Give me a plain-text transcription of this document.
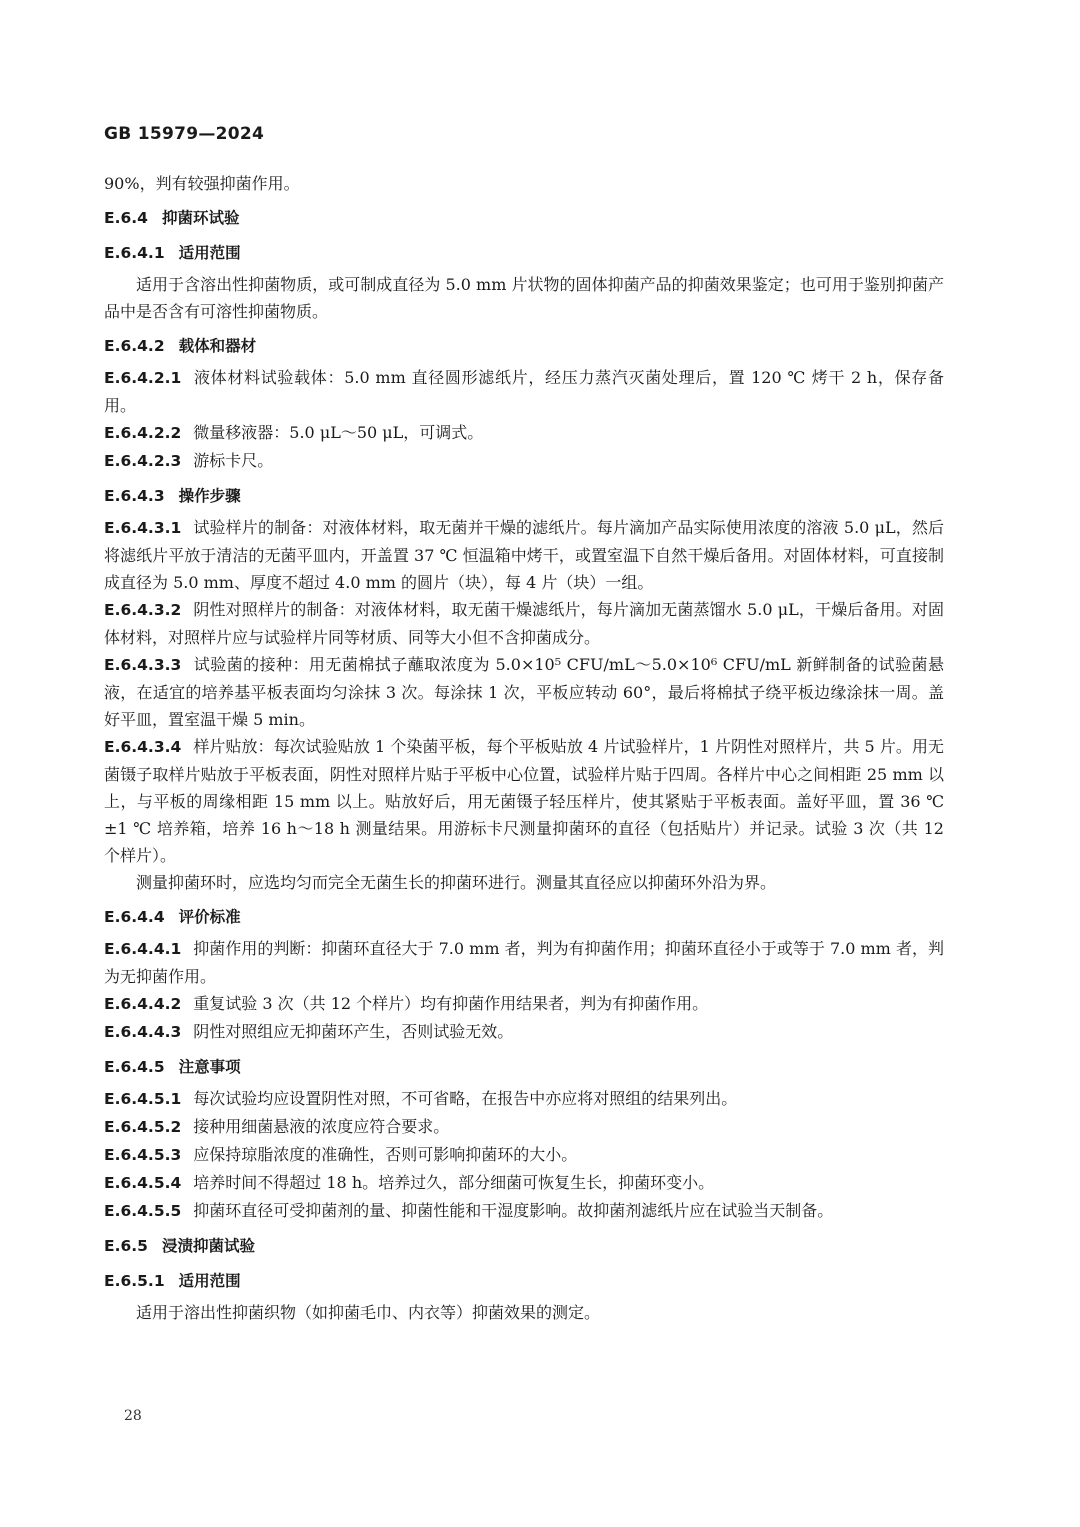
GB 15979—2024

90%，判有较强抑菌作用。

E.6.4 抑菌环试验
E.6.4.1 适用范围

适用于含溶出性抑菌物质，或可制成直径为 5.0 mm 片状物的固体抑菌产品的抑菌效果鉴定；也可用于鉴别抑菌产品中是否含有可溶性抑菌物质。

E.6.4.2 载体和器材

E.6.4.2.1 液体材料试验载体：5.0 mm 直径圆形滤纸片，经压力蒸汽灭菌处理后，置 120 ℃ 烤干 2 h，保存备用。

E.6.4.2.2 微量移液器：5.0 μL～50 μL，可调式。

E.6.4.2.3 游标卡尺。

E.6.4.3 操作步骤

E.6.4.3.1 试验样片的制备：对液体材料，取无菌并干燥的滤纸片。每片滴加产品实际使用浓度的溶液 5.0 μL，然后将滤纸片平放于清洁的无菌平皿内，开盖置 37 ℃ 恒温箱中烤干，或置室温下自然干燥后备用。对固体材料，可直接制成直径为 5.0 mm、厚度不超过 4.0 mm 的圆片（块），每 4 片（块）一组。

E.6.4.3.2 阴性对照样片的制备：对液体材料，取无菌干燥滤纸片，每片滴加无菌蒸馏水 5.0 μL，干燥后备用。对固体材料，对照样片应与试验样片同等材质、同等大小但不含抑菌成分。

E.6.4.3.3 试验菌的接种：用无菌棉拭子蘸取浓度为 5.0×10⁵ CFU/mL～5.0×10⁶ CFU/mL 新鲜制备的试验菌悬液，在适宜的培养基平板表面均匀涂抹 3 次。每涂抹 1 次，平板应转动 60°，最后将棉拭子绕平板边缘涂抹一周。盖好平皿，置室温干燥 5 min。

E.6.4.3.4 样片贴放：每次试验贴放 1 个染菌平板，每个平板贴放 4 片试验样片，1 片阴性对照样片，共 5 片。用无菌镊子取样片贴放于平板表面，阴性对照样片贴于平板中心位置，试验样片贴于四周。各样片中心之间相距 25 mm 以上，与平板的周缘相距 15 mm 以上。贴放好后，用无菌镊子轻压样片，使其紧贴于平板表面。盖好平皿，置 36 ℃±1 ℃ 培养箱，培养 16 h～18 h 测量结果。用游标卡尺测量抑菌环的直径（包括贴片）并记录。试验 3 次（共 12 个样片）。

测量抑菌环时，应选均匀而完全无菌生长的抑菌环进行。测量其直径应以抑菌环外沿为界。

E.6.4.4 评价标准

E.6.4.4.1 抑菌作用的判断：抑菌环直径大于 7.0 mm 者，判为有抑菌作用；抑菌环直径小于或等于 7.0 mm 者，判为无抑菌作用。

E.6.4.4.2 重复试验 3 次（共 12 个样片）均有抑菌作用结果者，判为有抑菌作用。

E.6.4.4.3 阴性对照组应无抑菌环产生，否则试验无效。

E.6.4.5 注意事项

E.6.4.5.1 每次试验均应设置阴性对照，不可省略，在报告中亦应将对照组的结果列出。

E.6.4.5.2 接种用细菌悬液的浓度应符合要求。

E.6.4.5.3 应保持琼脂浓度的准确性，否则可影响抑菌环的大小。

E.6.4.5.4 培养时间不得超过 18 h。培养过久，部分细菌可恢复生长，抑菌环变小。

E.6.4.5.5 抑菌环直径可受抑菌剂的量、抑菌性能和干湿度影响。故抑菌剂滤纸片应在试验当天制备。

E.6.5 浸渍抑菌试验
E.6.5.1 适用范围

适用于溶出性抑菌织物（如抑菌毛巾、内衣等）抑菌效果的测定。

28
